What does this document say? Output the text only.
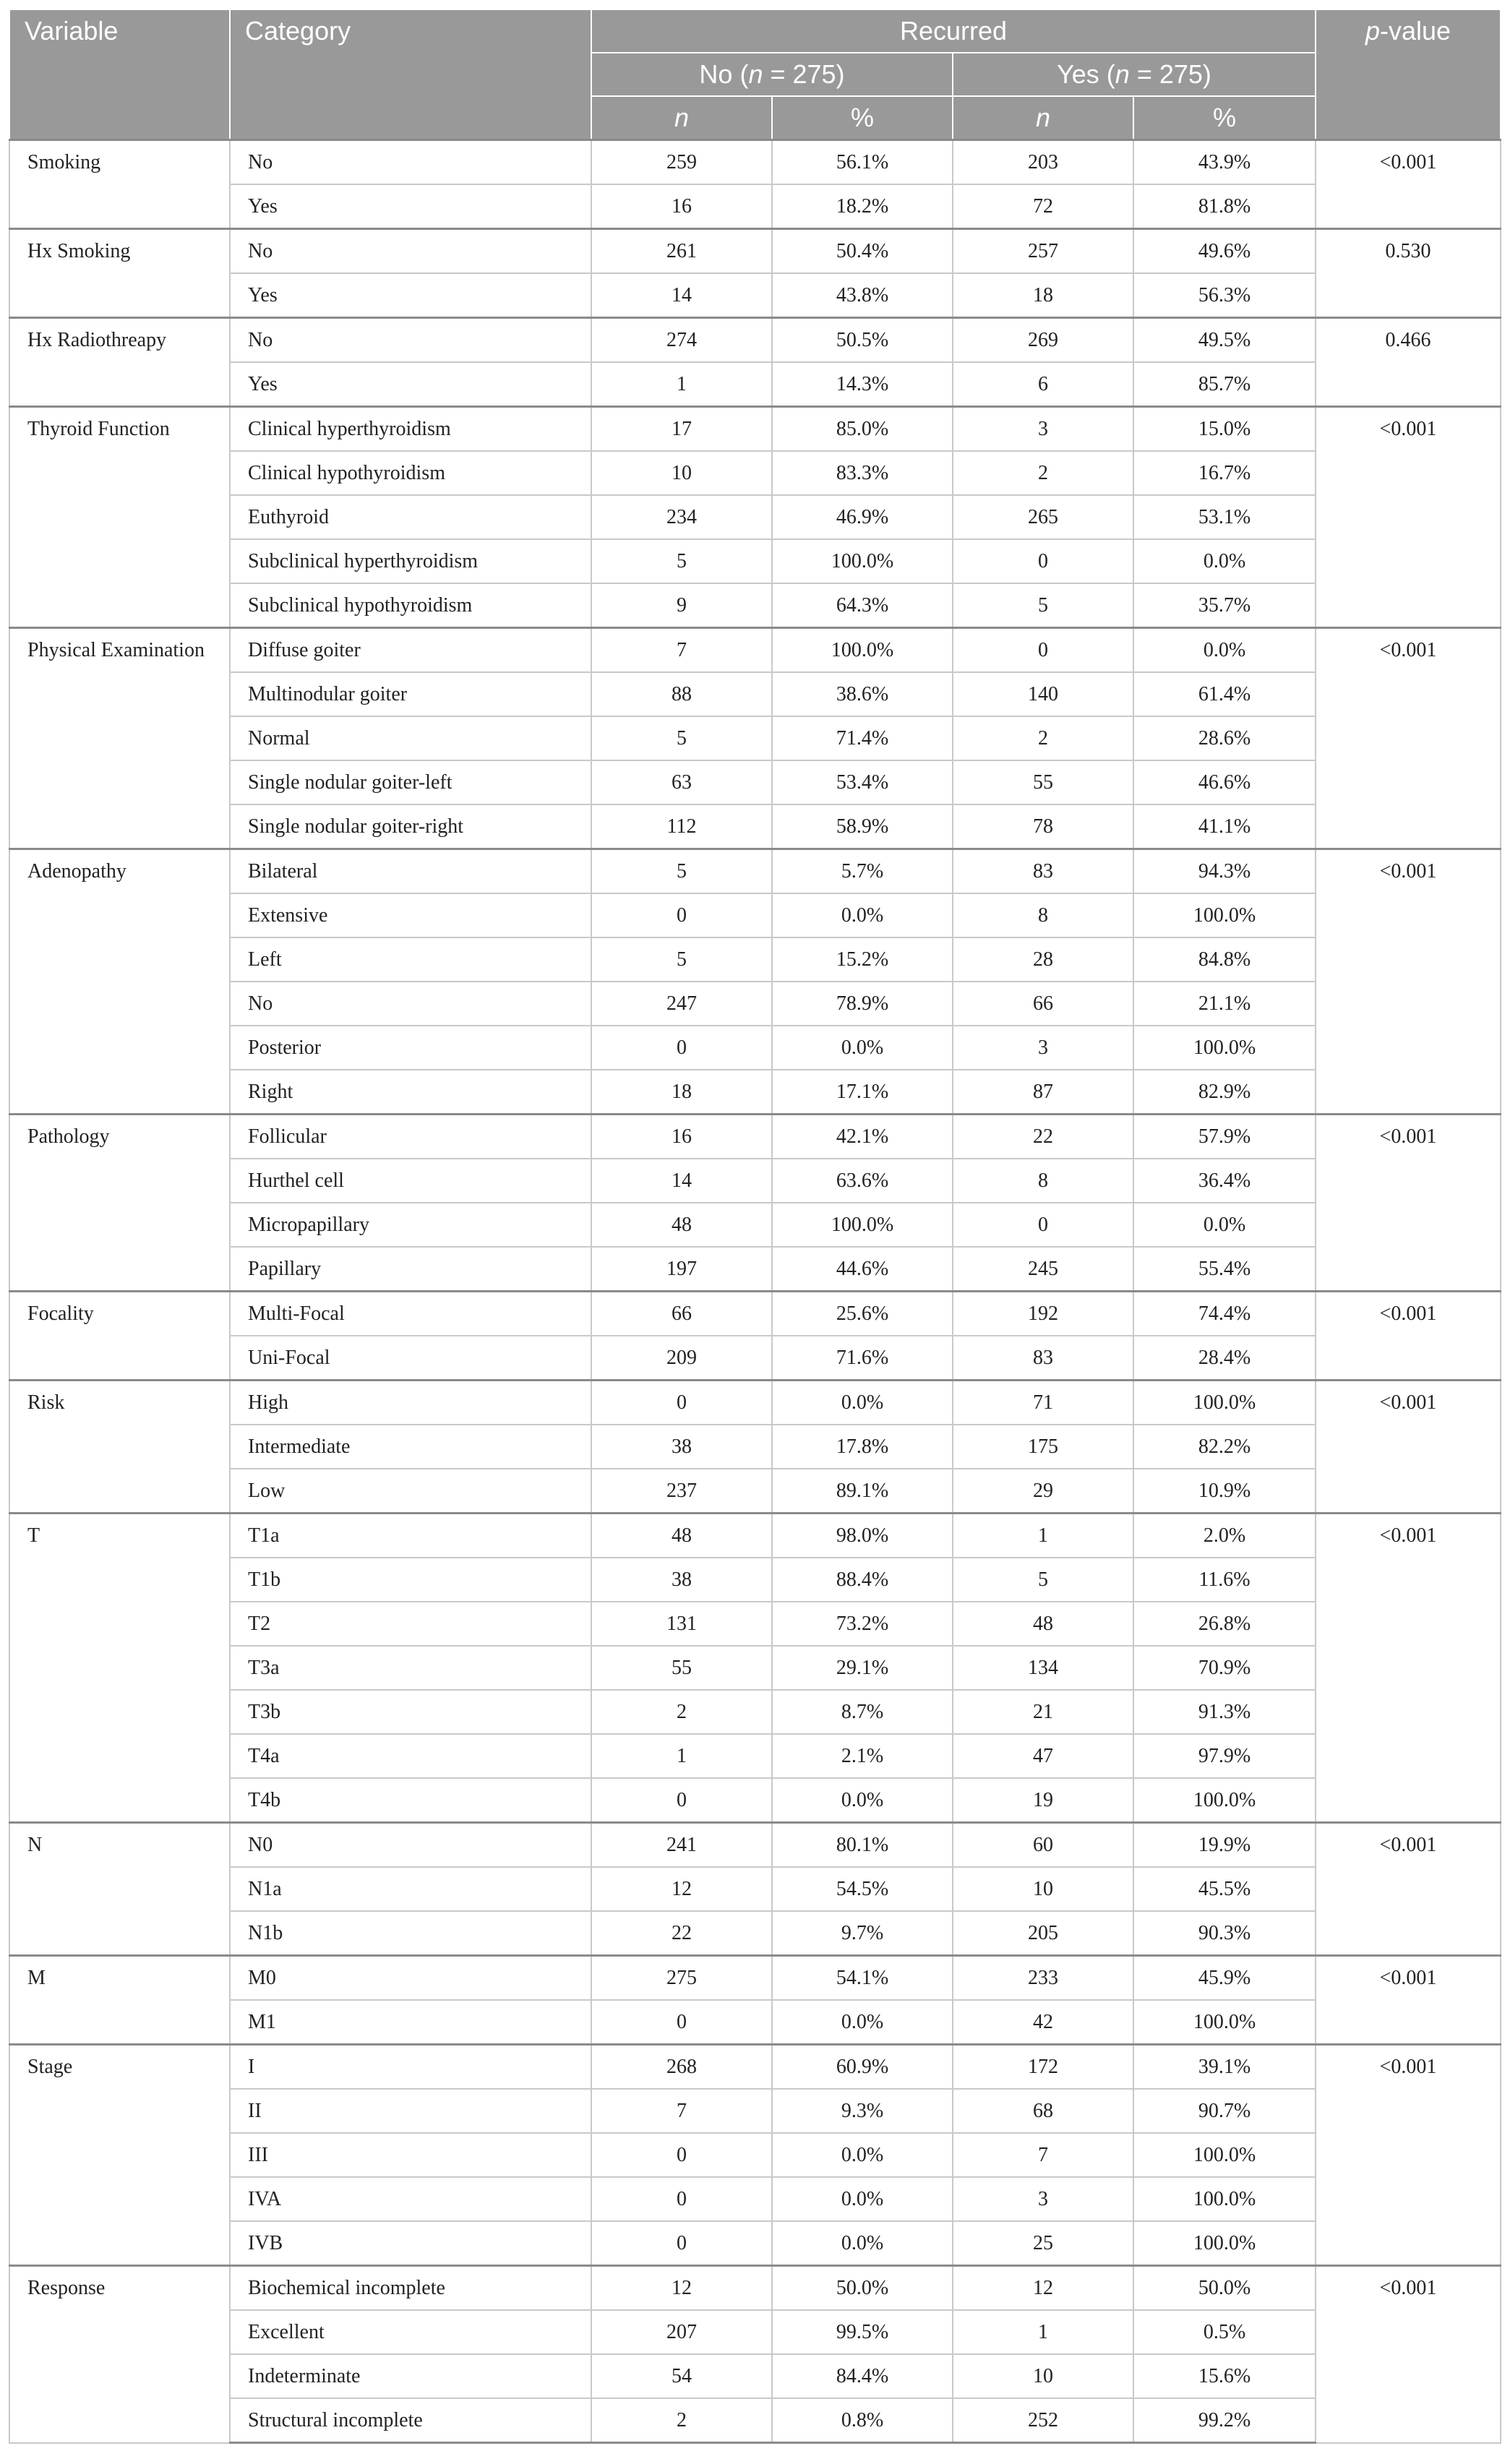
Variable	Category	Recurred				p-value
		No (n = 275)		Yes (n = 275)		
		n	%	n	%	
Smoking	No	259	56.1%	203	43.9%	<0.001
	Yes	16	18.2%	72	81.8%	
Hx Smoking	No	261	50.4%	257	49.6%	0.530
	Yes	14	43.8%	18	56.3%	
Hx Radiothreapy	No	274	50.5%	269	49.5%	0.466
	Yes	1	14.3%	6	85.7%	
Thyroid Function	Clinical hyperthyroidism	17	85.0%	3	15.0%	<0.001
	Clinical hypothyroidism	10	83.3%	2	16.7%	
	Euthyroid	234	46.9%	265	53.1%	
	Subclinical hyperthyroidism	5	100.0%	0	0.0%	
	Subclinical hypothyroidism	9	64.3%	5	35.7%	
Physical Examination	Diffuse goiter	7	100.0%	0	0.0%	<0.001
	Multinodular goiter	88	38.6%	140	61.4%	
	Normal	5	71.4%	2	28.6%	
	Single nodular goiter-left	63	53.4%	55	46.6%	
	Single nodular goiter-right	112	58.9%	78	41.1%	
Adenopathy	Bilateral	5	5.7%	83	94.3%	<0.001
	Extensive	0	0.0%	8	100.0%	
	Left	5	15.2%	28	84.8%	
	No	247	78.9%	66	21.1%	
	Posterior	0	0.0%	3	100.0%	
	Right	18	17.1%	87	82.9%	
Pathology	Follicular	16	42.1%	22	57.9%	<0.001
	Hurthel cell	14	63.6%	8	36.4%	
	Micropapillary	48	100.0%	0	0.0%	
	Papillary	197	44.6%	245	55.4%	
Focality	Multi-Focal	66	25.6%	192	74.4%	<0.001
	Uni-Focal	209	71.6%	83	28.4%	
Risk	High	0	0.0%	71	100.0%	<0.001
	Intermediate	38	17.8%	175	82.2%	
	Low	237	89.1%	29	10.9%	
T	T1a	48	98.0%	1	2.0%	<0.001
	T1b	38	88.4%	5	11.6%	
	T2	131	73.2%	48	26.8%	
	T3a	55	29.1%	134	70.9%	
	T3b	2	8.7%	21	91.3%	
	T4a	1	2.1%	47	97.9%	
	T4b	0	0.0%	19	100.0%	
N	N0	241	80.1%	60	19.9%	<0.001
	N1a	12	54.5%	10	45.5%	
	N1b	22	9.7%	205	90.3%	
M	M0	275	54.1%	233	45.9%	<0.001
	M1	0	0.0%	42	100.0%	
Stage	I	268	60.9%	172	39.1%	<0.001
	II	7	9.3%	68	90.7%	
	III	0	0.0%	7	100.0%	
	IVA	0	0.0%	3	100.0%	
	IVB	0	0.0%	25	100.0%	
Response	Biochemical incomplete	12	50.0%	12	50.0%	<0.001
	Excellent	207	99.5%	1	0.5%	
	Indeterminate	54	84.4%	10	15.6%	
	Structural incomplete	2	0.8%	252	99.2%	
